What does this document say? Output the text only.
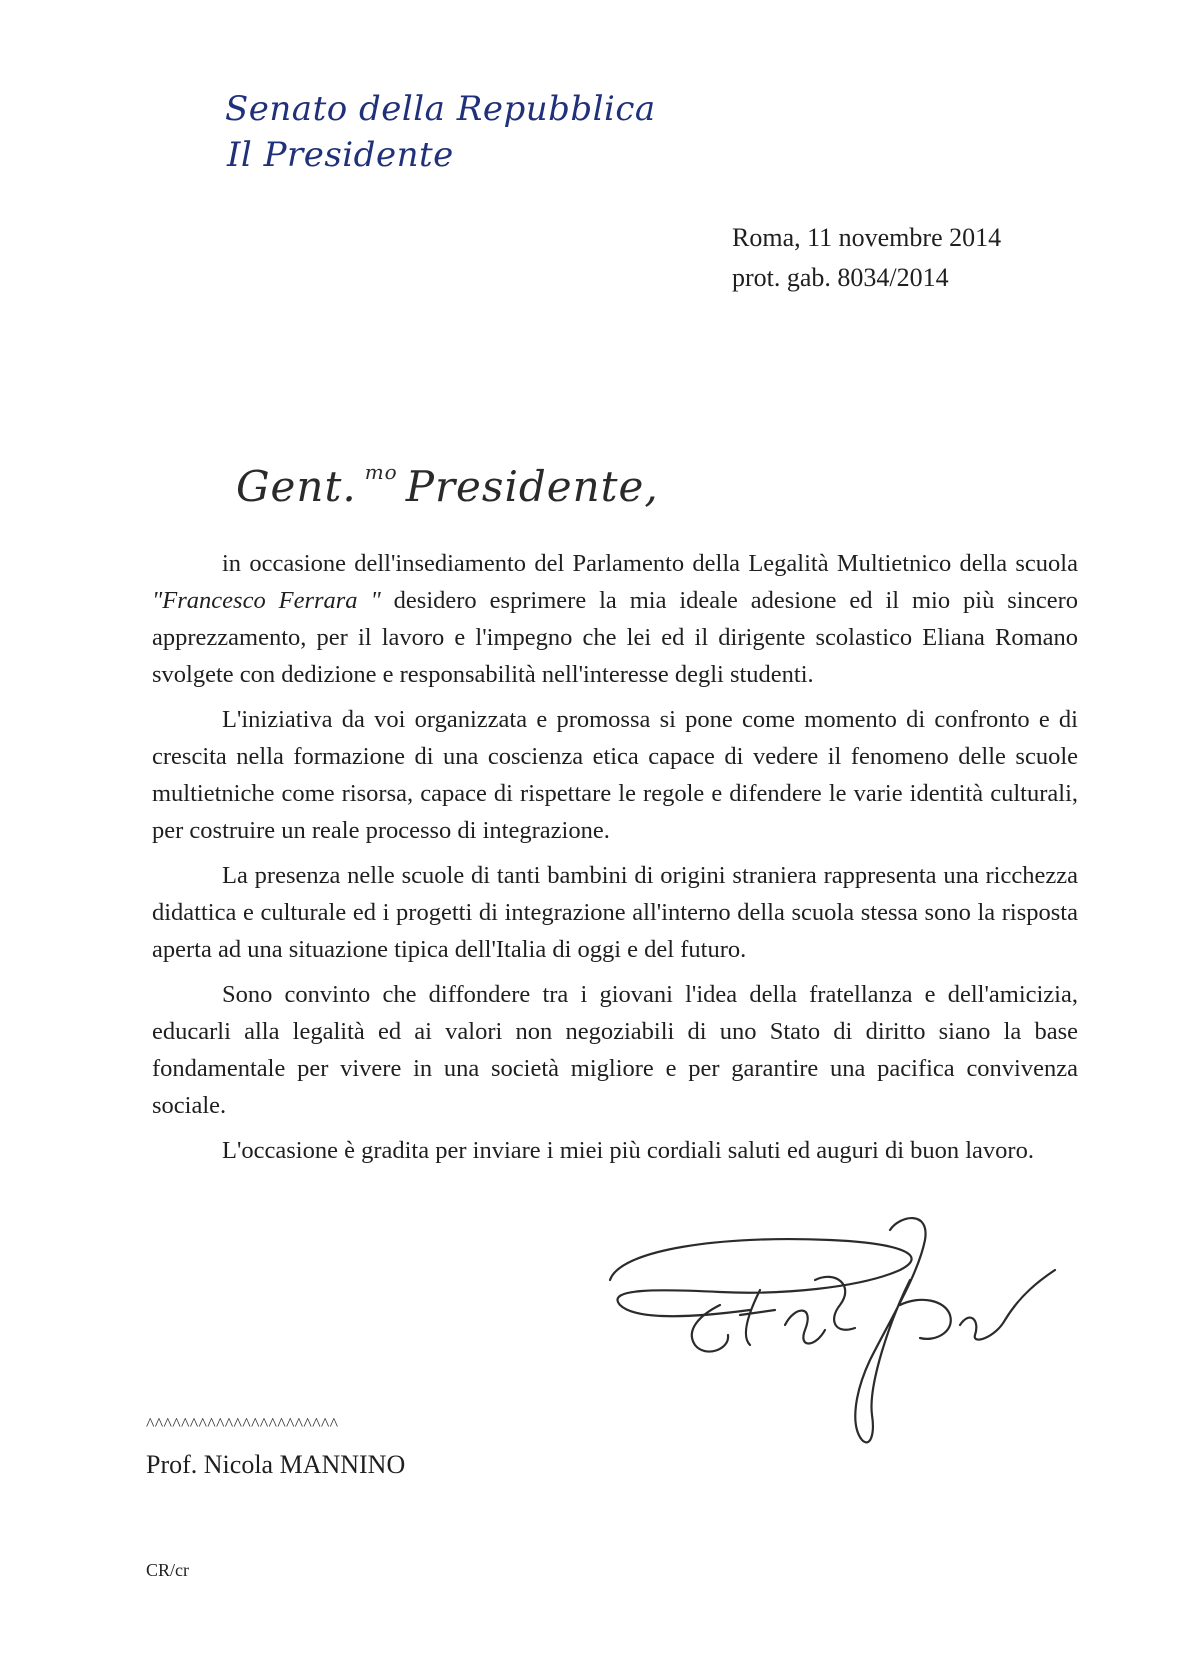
Senato della Repubblica
Il Presidente
Roma, 11 novembre 2014
prot. gab. 8034/2014
Gent. $^{mo}$ Presidente,

in occasione dell'insediamento del Parlamento della Legalità Multietnico della scuola "Francesco Ferrara " desidero esprimere la mia ideale adesione ed il mio più sincero apprezzamento, per il lavoro e l'impegno che lei ed il dirigente scolastico Eliana Romano svolgete con dedizione e responsabilità nell'interesse degli studenti.

L'iniziativa da voi organizzata e promossa si pone come momento di confronto e di crescita nella formazione di una coscienza etica capace di vedere il fenomeno delle scuole multietniche come risorsa, capace di rispettare le regole e difendere le varie identità culturali, per costruire un reale processo di integrazione.

La presenza nelle scuole di tanti bambini di origini straniera rappresenta una ricchezza didattica e culturale ed i progetti di integrazione all'interno della scuola stessa sono la risposta aperta ad una situazione tipica dell'Italia di oggi e del futuro.

Sono convinto che diffondere tra i giovani l'idea della fratellanza e dell'amicizia, educarli alla legalità ed ai valori non negoziabili di uno Stato di diritto siano la base fondamentale per vivere in una società migliore e per garantire una pacifica convivenza sociale.

L'occasione è gradita per inviare i miei più cordiali saluti ed auguri di buon lavoro.

^^^^^^^^^^^^^^^^^^^^^^
Prof. Nicola MANNINO
CR/cr
